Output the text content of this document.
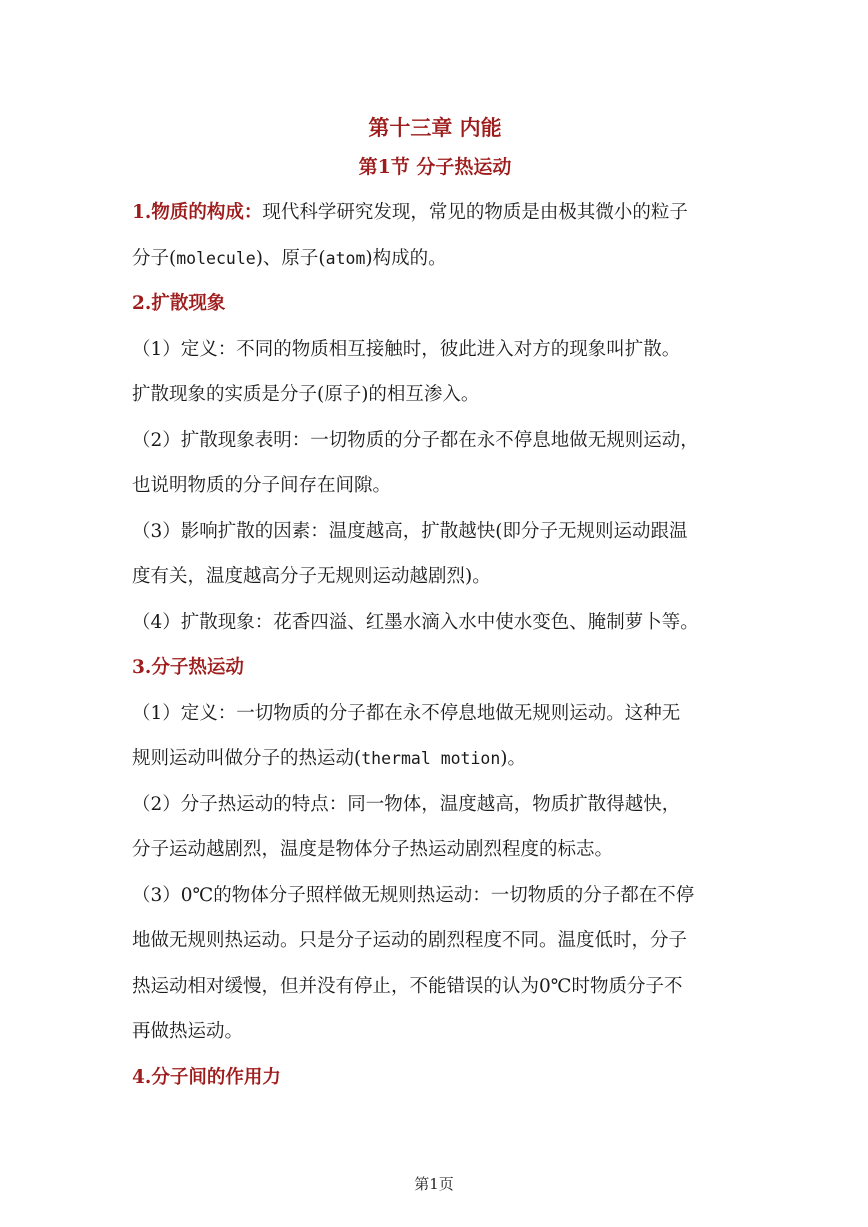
第十三章 内能
第1节 分子热运动

1.物质的构成：现代科学研究发现，常见的物质是由极其微小的粒子

分子(molecule)、原子(atom)构成的。

2.扩散现象

（1）定义：不同的物质相互接触时，彼此进入对方的现象叫扩散。

扩散现象的实质是分子(原子)的相互渗入。

（2）扩散现象表明：一切物质的分子都在永不停息地做无规则运动，

也说明物质的分子间存在间隙。

（3）影响扩散的因素：温度越高，扩散越快(即分子无规则运动跟温

度有关，温度越高分子无规则运动越剧烈)。

（4）扩散现象：花香四溢、红墨水滴入水中使水变色、腌制萝卜等。

3.分子热运动

（1）定义：一切物质的分子都在永不停息地做无规则运动。这种无

规则运动叫做分子的热运动(thermal motion)。

（2）分子热运动的特点：同一物体，温度越高，物质扩散得越快，

分子运动越剧烈，温度是物体分子热运动剧烈程度的标志。

（3）0℃的物体分子照样做无规则热运动：一切物质的分子都在不停

地做无规则热运动。只是分子运动的剧烈程度不同。温度低时，分子

热运动相对缓慢，但并没有停止，不能错误的认为0℃时物质分子不

再做热运动。

4.分子间的作用力

第1页
